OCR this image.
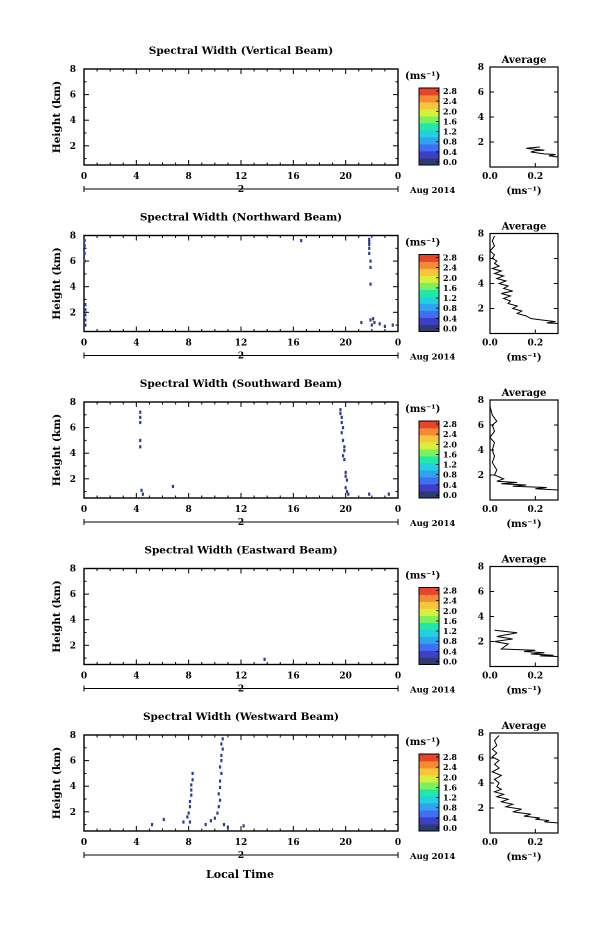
Local Time
Spectral Width (Vertical Beam)
Height (km)
0	4	8	12	16	20	0
2
4
6
8
2	Aug 2014
(ms⁻¹)
0.0
0.4
0.8
1.2
1.6
2.0
2.4
2.8
Average
2
4
6
8
0.0	0.2
(ms⁻¹)
Spectral Width (Northward Beam)
Height (km)
0	4	8	12	16	20	0
2
4
6
8
2	Aug 2014
(ms⁻¹)
0.0
0.4
0.8
1.2
1.6
2.0
2.4
2.8
Average
2
4
6
8
0.0	0.2
(ms⁻¹)
Spectral Width (Southward Beam)
Height (km)
0	4	8	12	16	20	0
2
4
6
8
2	Aug 2014
(ms⁻¹)
0.0
0.4
0.8
1.2
1.6
2.0
2.4
2.8
Average
2
4
6
8
0.0	0.2
(ms⁻¹)
Spectral Width (Eastward Beam)
Height (km)
0	4	8	12	16	20	0
2
4
6
8
2	Aug 2014
(ms⁻¹)
0.0
0.4
0.8
1.2
1.6
2.0
2.4
2.8
Average
2
4
6
8
0.0	0.2
(ms⁻¹)
Spectral Width (Westward Beam)
Height (km)
0	4	8	12	16	20	0
2
4
6
8
2	Aug 2014
(ms⁻¹)
0.0
0.4
0.8
1.2
1.6
2.0
2.4
2.8
Average
2
4
6
8
0.0	0.2
(ms⁻¹)
